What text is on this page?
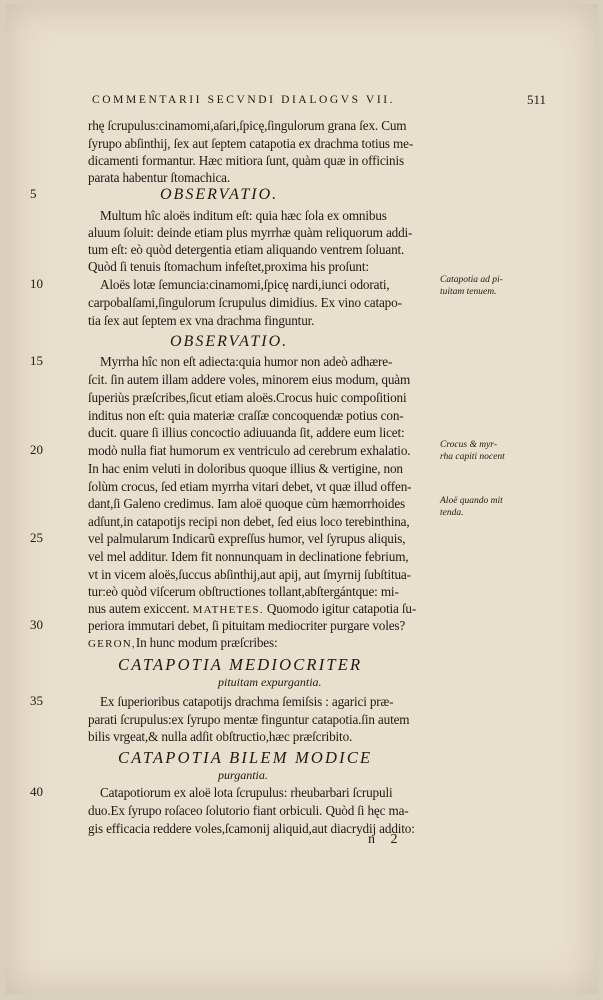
COMMENTARII SECVNDI DIALOGVS VII.	511
rhę ſcrupulus:cinamomi,aſari,ſpicę,ſingulorum grana ſex. Cum
ſyrupo abſinthij, ſex aut ſeptem catapotia ex drachma totius me-
dicamenti formantur. Hæc mitiora ſunt, quàm quæ in officinis
parata habentur ſtomachica.
OBSERVATIO.
Multum hîc aloës inditum eſt: quia hæc ſola ex omnibus
aluum ſoluit: deinde etiam plus myrrhæ quàm reliquorum addi-
tum eſt: eò quòd detergentia etiam aliquando ventrem ſoluant.
Quòd ſi tenuis ſtomachum infeſtet,proxima his proſunt:
Aloës lotæ ſemuncia:cinamomi,ſpicę nardi,iunci odorati,
carpobalſami,ſingulorum ſcrupulus dimidius. Ex vino catapo-
tia ſex aut ſeptem ex vna drachma finguntur.
OBSERVATIO.
Myrrha hîc non eſt adiecta:quia humor non adeò adhære-
ſcit. ſin autem illam addere voles, minorem eius modum, quàm
ſuperiùs præſcribes,ſicut etiam aloës.Crocus huic compoſitioni
inditus non eſt: quia materiæ craſſæ concoquendæ potius con-
ducit. quare ſi illius concoctio adiuuanda ſit, addere eum licet:
modò nulla fiat humorum ex ventriculo ad cerebrum exhalatio.
In hac enim veluti in doloribus quoque illius & vertigine, non
ſolùm crocus, ſed etiam myrrha vitari debet, vt quæ illud offen-
dant,ſi Galeno credimus. Iam aloë quoque cùm hæmorrhoides
adſunt,in catapotijs recipi non debet, ſed eius loco terebinthina,
vel palmularum Indicarũ expreſſus humor, vel ſyrupus aliquis,
vel mel additur. Idem fit nonnunquam in declinatione febrium,
vt in vicem aloës,ſuccus abſinthij,aut apij, aut ſmyrnij ſubſtitua-
tur:eò quòd viſcerum obſtructiones tollant,abſtergántque: mi-
nus autem exiccent. MATHETES. Quomodo igitur catapotia ſu-
periora immutari debet, ſi pituitam mediocriter purgare voles?
GERON,In hunc modum præſcribes:
CATAPOTIA MEDIOCRITER
pituitam expurgantia.
Ex ſuperioribus catapotijs drachma ſemiſsis : agarici præ-
parati ſcrupulus:ex ſyrupo mentæ finguntur catapotia.ſin autem
bilis vrgeat,& nulla adſit obſtructio,hæc præſcribito.
CATAPOTIA BILEM MODICE
purgantia.
Catapotiorum ex aloë lota ſcrupulus: rheubarbari ſcrupuli
duo.Ex ſyrupo roſaceo ſolutorio fiant orbiculi. Quòd ſi hęc ma-
gis efficacia reddere voles,ſcamonij aliquid,aut diacrydij addito:
n 2
5
10
15
20
25
30
35
40
Catapotia ad pi-
tuitam tenuem.
Crocus & myr-
rha capiti nocent
Aloë quando mit
tenda.
